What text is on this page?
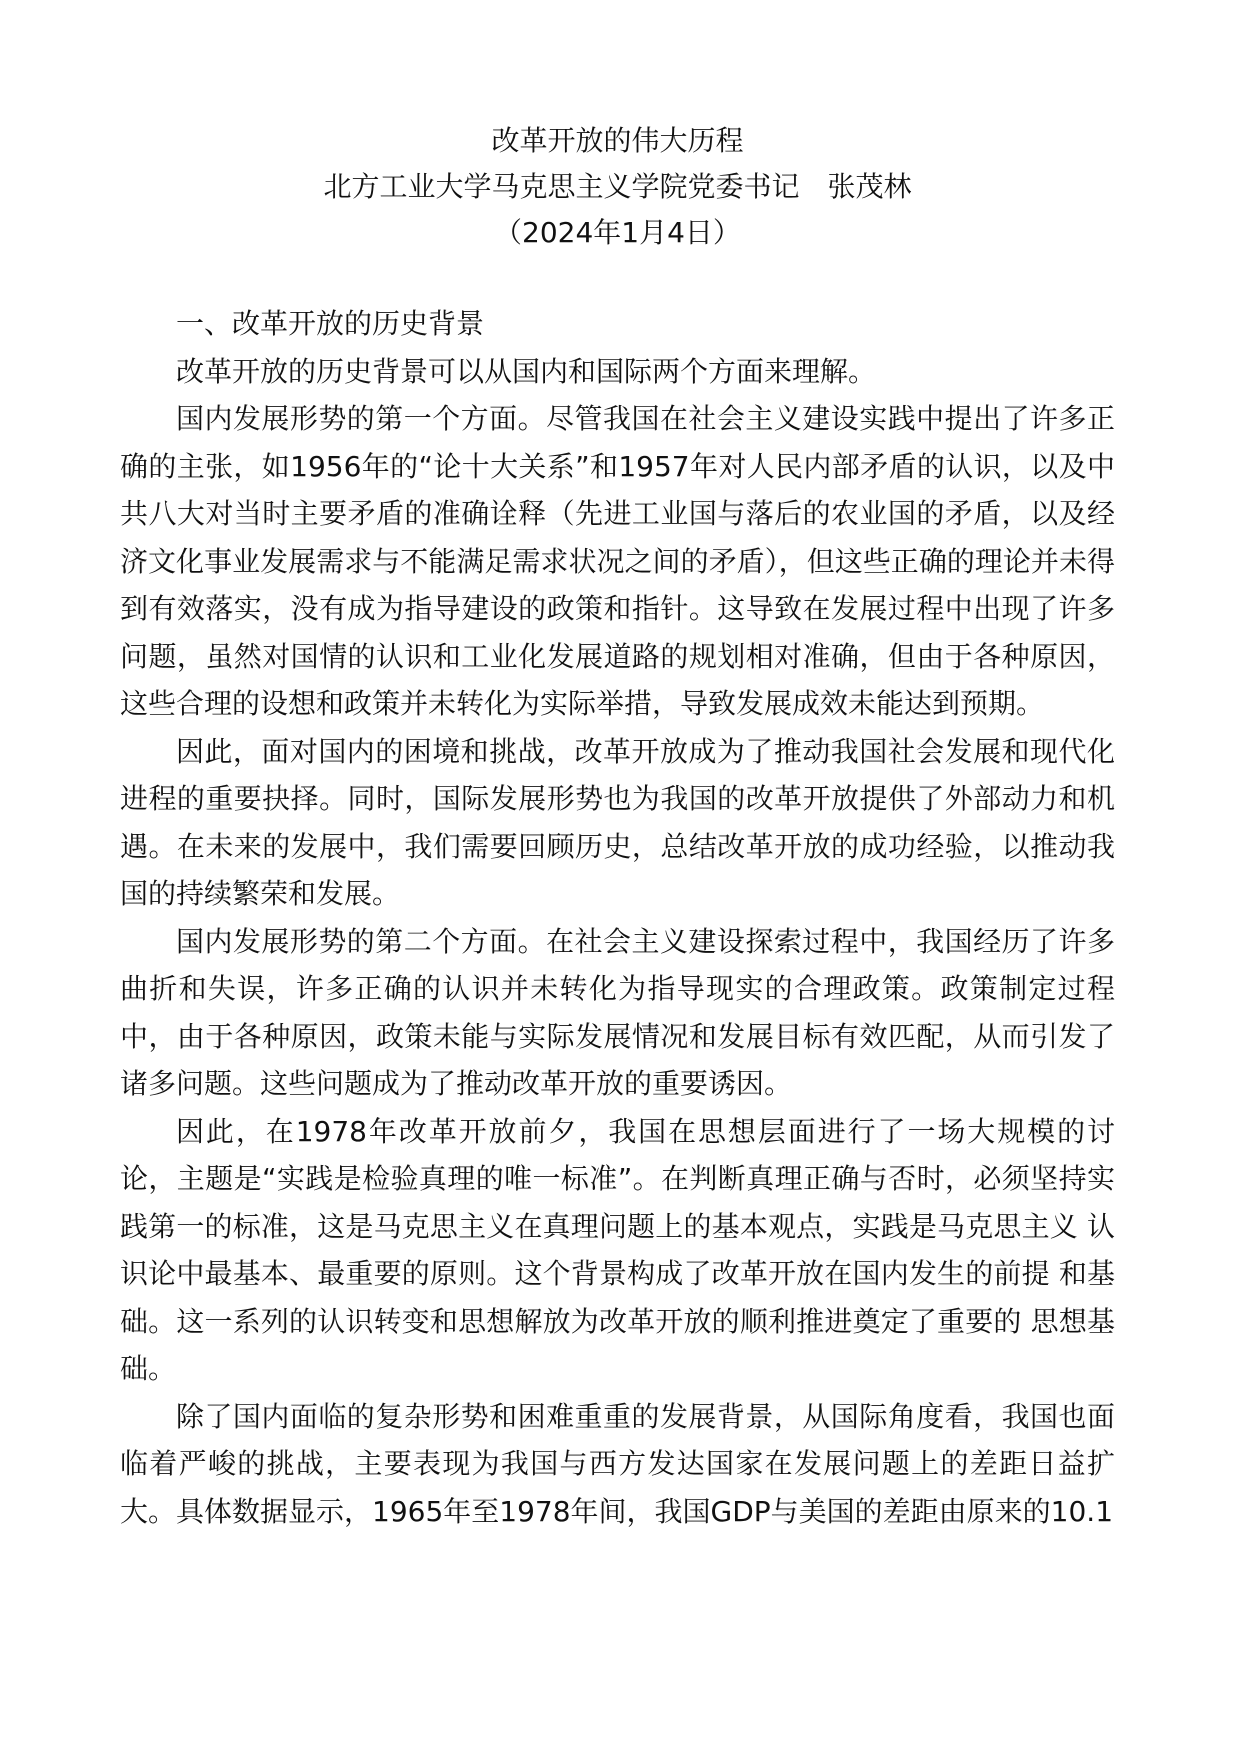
改革开放的伟大历程
北方工业大学马克思主义学院党委书记 张茂林
（2024年1月4日）
一、改革开放的历史背景

改革开放的历史背景可以从国内和国际两个方面来理解。

国内发展形势的第一个方面。尽管我国在社会主义建设实践中提出了许多正确的主张，如1956年的“论十大关系”和1957年对人民内部矛盾的认识，以及中共八大对当时主要矛盾的准确诠释（先进工业国与落后的农业国的矛盾，以及经济文化事业发展需求与不能满足需求状况之间的矛盾），但这些正确的理论并未得到有效落实，没有成为指导建设的政策和指针。这导致在发展过程中出现了许多问题，虽然对国情的认识和工业化发展道路的规划相对准确，但由于各种原因，这些合理的设想和政策并未转化为实际举措，导致发展成效未能达到预期。

因此，面对国内的困境和挑战，改革开放成为了推动我国社会发展和现代化进程的重要抉择。同时，国际发展形势也为我国的改革开放提供了外部动力和机遇。在未来的发展中，我们需要回顾历史，总结改革开放的成功经验，以推动我国的持续繁荣和发展。

国内发展形势的第二个方面。在社会主义建设探索过程中，我国经历了许多曲折和失误，许多正确的认识并未转化为指导现实的合理政策。政策制定过程中，由于各种原因，政策未能与实际发展情况和发展目标有效匹配，从而引发了诸多问题。这些问题成为了推动改革开放的重要诱因。

因此，在1978年改革开放前夕，我国在思想层面进行了一场大规模的讨论，主题是“实践是检验真理的唯一标准”。在判断真理正确与否时，必须坚持实践第一的标准，这是马克思主义在真理问题上的基本观点，实践是马克思主义 认识论中最基本、最重要的原则。这个背景构成了改革开放在国内发生的前提 和基础。这一系列的认识转变和思想解放为改革开放的顺利推进奠定了重要的 思想基础。

除了国内面临的复杂形势和困难重重的发展背景，从国际角度看，我国也面临着严峻的挑战，主要表现为我国与西方发达国家在发展问题上的差距日益扩大。具体数据显示，1965年至1978年间，我国GDP与美国的差距由原来的10.1
